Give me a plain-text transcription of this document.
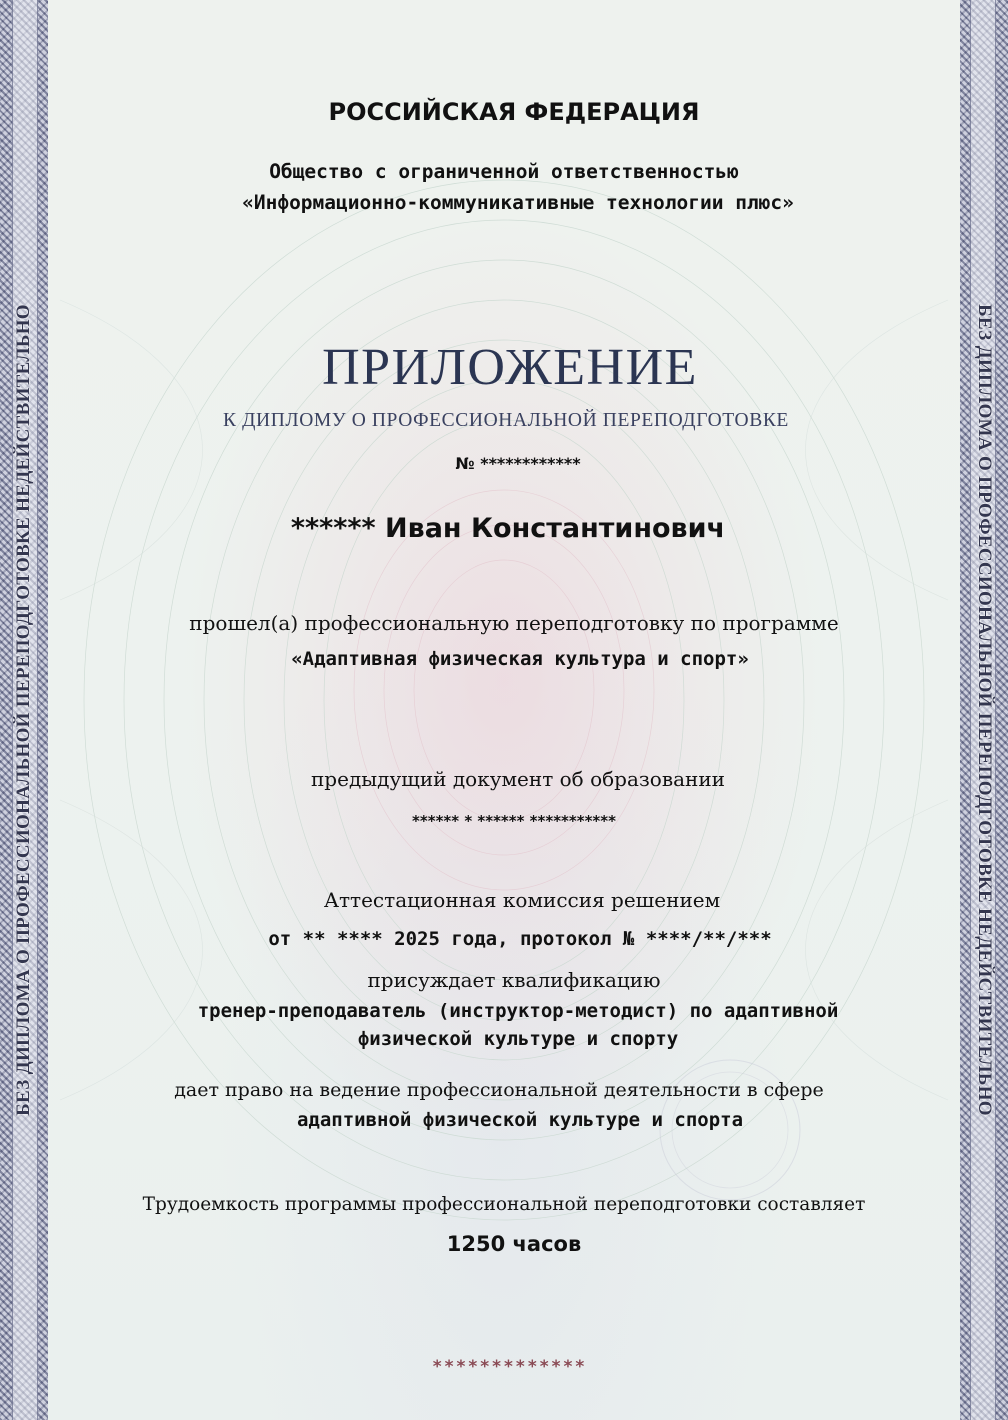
БЕЗ ДИПЛОМА О ПРОФЕССИОНАЛЬНОЙ ПЕРЕПОДГОТОВКЕ НЕДЕЙСТВИТЕЛЬНО	БЕЗ ДИПЛОМА О ПРОФЕССИОНАЛЬНОЙ ПЕРЕПОДГОТОВКЕ НЕДЕЙСТВИТЕЛЬНО
РОССИЙСКАЯ ФЕДЕРАЦИЯ
Общество с ограниченной ответственностью
«Информационно-коммуникативные технологии плюс»
ПРИЛОЖЕНИЕ
К ДИПЛОМУ О ПРОФЕССИОНАЛЬНОЙ ПЕРЕПОДГОТОВКЕ
№ ************
****** Иван Константинович
прошел(а) профессиональную переподготовку по программе
«Адаптивная физическая культура и спорт»
предыдущий документ об образовании
****** * ****** ***********
Аттестационная комиссия решением
от ** **** 2025 года, протокол № ****/**/***
присуждает квалификацию
тренер-преподаватель (инструктор-методист) по адаптивной
физической культуре и спорту
дает право на ведение профессиональной деятельности в сфере
адаптивной физической культуре и спорта
Трудоемкость программы профессиональной переподготовки составляет
1250 часов
*************
